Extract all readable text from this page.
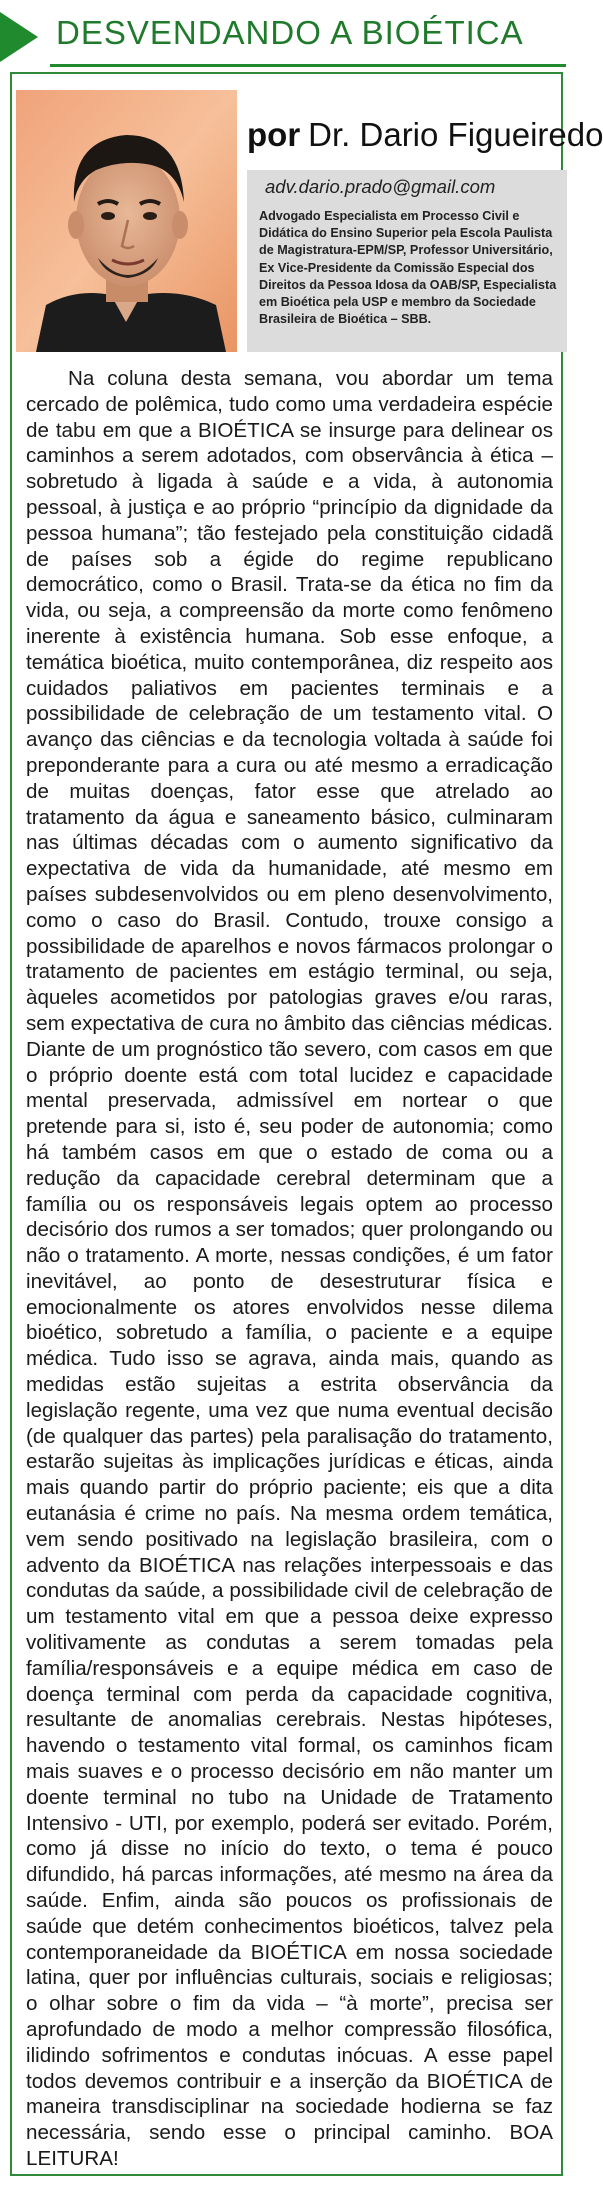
DESVENDANDO A BIOÉTICA
por Dr. Dario Figueiredo
adv.dario.prado@gmail.com
Advogado Especialista em Processo Civil e Didática do Ensino Superior pela Escola Paulista de Magistratura-EPM/SP, Professor Universitário, Ex Vice-Presidente da Comissão Especial dos Direitos da Pessoa Idosa da OAB/SP, Especialista em Bioética pela USP e membro da Sociedade Brasileira de Bioética – SBB.
Na coluna desta semana, vou abordar um tema cercado de polêmica, tudo como uma verdadeira espécie de tabu em que a BIOÉTICA se insurge para delinear os caminhos a serem adotados, com observância à ética – sobretudo à ligada à saúde e a vida, à autonomia pessoal, à justiça e ao próprio “princípio da dignidade da pessoa humana”; tão festejado pela constituição cidadã de países sob a égide do regime republicano democrático, como o Brasil. Trata-se da ética no fim da vida, ou seja, a compreensão da morte como fenômeno inerente à existência humana. Sob esse enfoque, a temática bioética, muito contemporânea, diz respeito aos cuidados paliativos em pacientes terminais e a possibilidade de celebração de um testamento vital. O avanço das ciências e da tecnologia voltada à saúde foi preponderante para a cura ou até mesmo a erradicação de muitas doenças, fator esse que atrelado ao tratamento da água e saneamento básico, culminaram nas últimas décadas com o aumento significativo da expectativa de vida da humanidade, até mesmo em países subdesenvolvidos ou em pleno desenvolvimento, como o caso do Brasil. Contudo, trouxe consigo a possibilidade de aparelhos e novos fármacos prolongar o tratamento de pacientes em estágio terminal, ou seja, àqueles acometidos por patologias graves e/ou raras, sem expectativa de cura no âmbito das ciências médicas. Diante de um prognóstico tão severo, com casos em que o próprio doente está com total lucidez e capacidade mental preservada, admissível em nortear o que pretende para si, isto é, seu poder de autonomia; como há também casos em que o estado de coma ou a redução da capacidade cerebral determinam que a família ou os responsáveis legais optem ao processo decisório dos rumos a ser tomados; quer prolongando ou não o tratamento. A morte, nessas condições, é um fator inevitável, ao ponto de desestruturar física e emocionalmente os atores envolvidos nesse dilema bioético, sobretudo a família, o paciente e a equipe médica. Tudo isso se agrava, ainda mais, quando as medidas estão sujeitas a estrita observância da legislação regente, uma vez que numa eventual decisão (de qualquer das partes) pela paralisação do tratamento, estarão sujeitas às implicações jurídicas e éticas, ainda mais quando partir do próprio paciente; eis que a dita eutanásia é crime no país. Na mesma ordem temática, vem sendo positivado na legislação brasileira, com o advento da BIOÉTICA nas relações interpessoais e das condutas da saúde, a possibilidade civil de celebração de um testamento vital em que a pessoa deixe expresso volitivamente as condutas a serem tomadas pela família/responsáveis e a equipe médica em caso de doença terminal com perda da capacidade cognitiva, resultante de anomalias cerebrais. Nestas hipóteses, havendo o testamento vital formal, os caminhos ficam mais suaves e o processo decisório em não manter um doente terminal no tubo na Unidade de Tratamento Intensivo - UTI, por exemplo, poderá ser evitado. Porém, como já disse no início do texto, o tema é pouco difundido, há parcas informações, até mesmo na área da saúde. Enfim, ainda são poucos os profissionais de saúde que detém conhecimentos bioéticos, talvez pela contemporaneidade da BIOÉTICA em nossa sociedade latina, quer por influências culturais, sociais e religiosas; o olhar sobre o fim da vida – “à morte”, precisa ser aprofundado de modo a melhor compressão filosófica, ilidindo sofrimentos e condutas inócuas. A esse papel todos devemos contribuir e a inserção da BIOÉTICA de maneira transdisciplinar na sociedade hodierna se faz necessária, sendo esse o principal caminho. BOA LEITURA!
